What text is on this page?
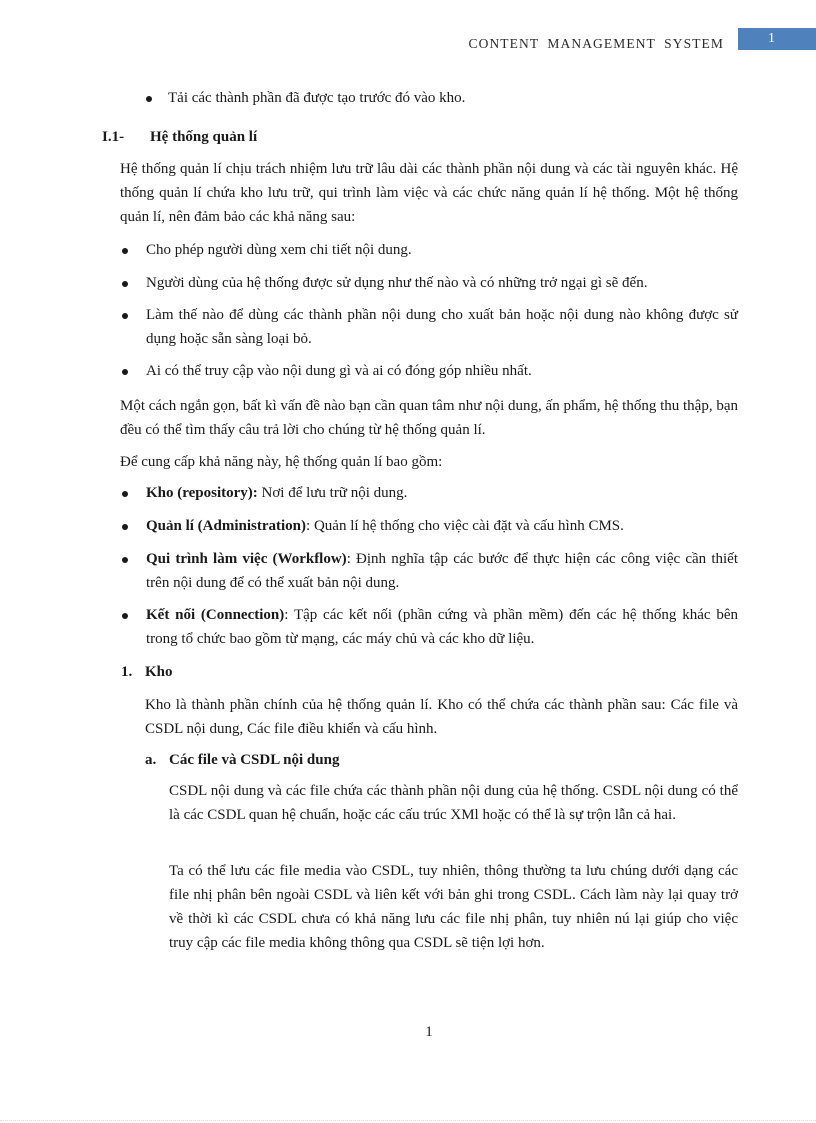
CONTENT MANAGEMENT SYSTEM	1

Tải các thành phần đã được tạo trước đó vào kho.

I.1- Hệ thống quản lí

Hệ thống quản lí chịu trách nhiệm lưu trữ lâu dài các thành phần nội dung và các tài nguyên khác. Hệ thống quản lí chứa kho lưu trữ, qui trình làm việc và các chức năng quản lí hệ thống. Một hệ thống quản lí, nên đảm bảo các khả năng sau:

Cho phép người dùng xem chi tiết nội dung.

Người dùng của hệ thống được sử dụng như thế nào và có những trở ngại gì sẽ đến.

Làm thế nào để dùng các thành phần nội dung cho xuất bản hoặc nội dung nào không được sử dụng hoặc sẵn sàng loại bỏ.

Ai có thể truy cập vào nội dung gì và ai có đóng góp nhiều nhất.

Một cách ngắn gọn, bất kì vấn đề nào bạn cần quan tâm như nội dung, ấn phẩm, hệ thống thu thập, bạn đều có thể tìm thấy câu trả lời cho chúng từ hệ thống quản lí.

Để cung cấp khả năng này, hệ thống quản lí bao gồm:

Kho (repository): Nơi để lưu trữ nội dung.

Quản lí (Administration): Quản lí hệ thống cho việc cài đặt và cấu hình CMS.

Qui trình làm việc (Workflow): Định nghĩa tập các bước để thực hiện các công việc cần thiết trên nội dung để có thể xuất bản nội dung.

Kết nối (Connection): Tập các kết nối (phần cứng và phần mềm) đến các hệ thống khác bên trong tổ chức bao gồm từ mạng, các máy chủ và các kho dữ liệu.

1. Kho

Kho là thành phần chính của hệ thống quản lí. Kho có thể chứa các thành phần sau: Các file và CSDL nội dung, Các file điều khiển và cấu hình.

a. Các file và CSDL nội dung

CSDL nội dung và các file chứa các thành phần nội dung của hệ thống. CSDL nội dung có thể là các CSDL quan hệ chuẩn, hoặc các cấu trúc XMl hoặc có thể là sự trộn lẫn cả hai.

Ta có thể lưu các file media vào CSDL, tuy nhiên, thông thường ta lưu chúng dưới dạng các file nhị phân bên ngoài CSDL và liên kết với bản ghi trong CSDL. Cách làm này lại quay trở về thời kì các CSDL chưa có khả năng lưu các file nhị phân, tuy nhiên nú lại giúp cho việc truy cập các file media không thông qua CSDL sẽ tiện lợi hơn.

1
